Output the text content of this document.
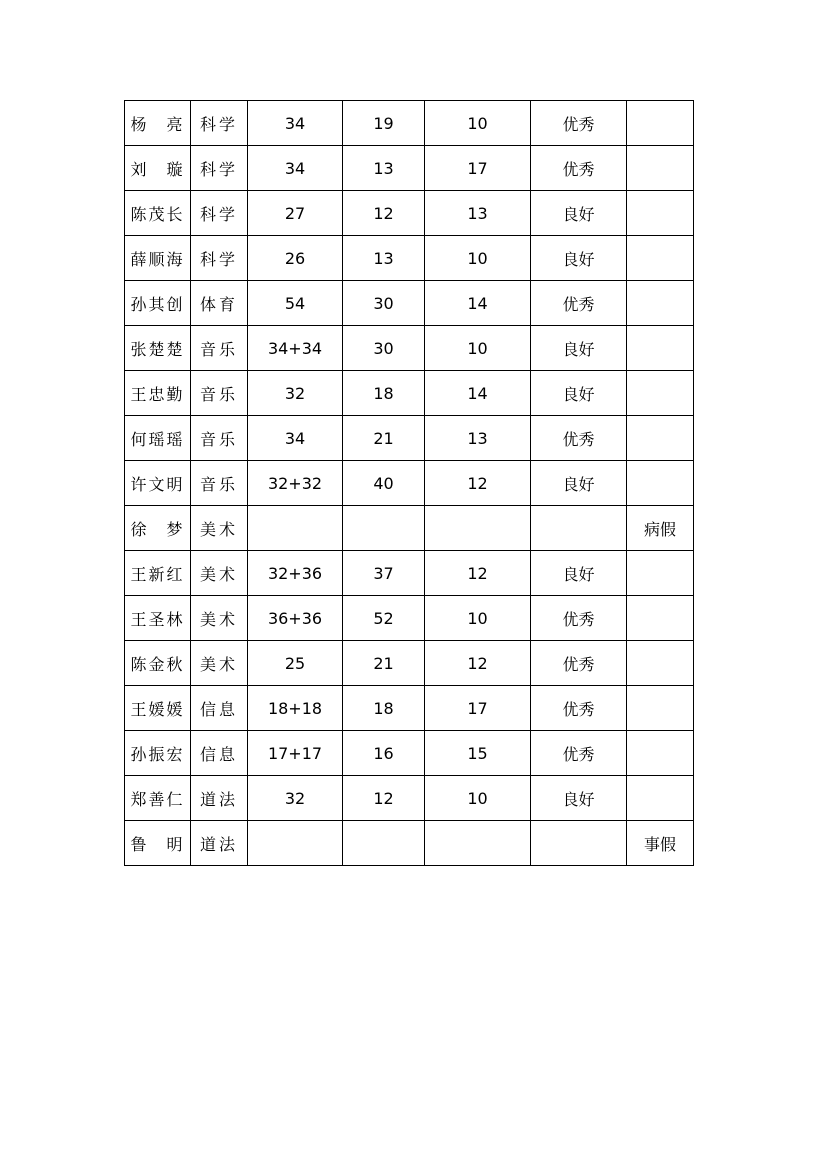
杨　亮	科学	34	19	10	优秀	
刘　璇	科学	34	13	17	优秀	
陈茂长	科学	27	12	13	良好	
薛顺海	科学	26	13	10	良好	
孙其创	体育	54	30	14	优秀	
张楚楚	音乐	34+34	30	10	良好	
王忠勤	音乐	32	18	14	良好	
何瑶瑶	音乐	34	21	13	优秀	
许文明	音乐	32+32	40	12	良好	
徐　梦	美术					病假
王新红	美术	32+36	37	12	良好	
王圣林	美术	36+36	52	10	优秀	
陈金秋	美术	25	21	12	优秀	
王媛媛	信息	18+18	18	17	优秀	
孙振宏	信息	17+17	16	15	优秀	
郑善仁	道法	32	12	10	良好	
鲁　明	道法					事假
